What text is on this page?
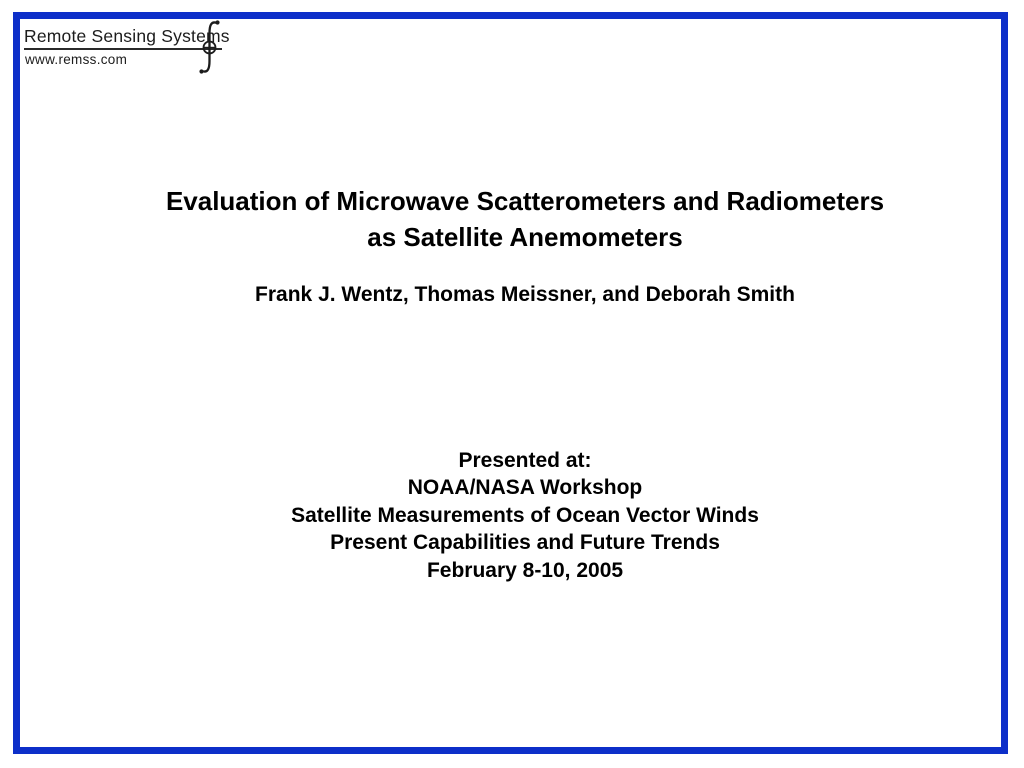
Remote Sensing Systems
www.remss.com
Evaluation of Microwave Scatterometers and Radiometers
as Satellite Anemometers
Frank J. Wentz, Thomas Meissner, and Deborah Smith
Presented at:
NOAA/NASA Workshop
Satellite Measurements of Ocean Vector Winds
Present Capabilities and Future Trends
February 8-10, 2005
